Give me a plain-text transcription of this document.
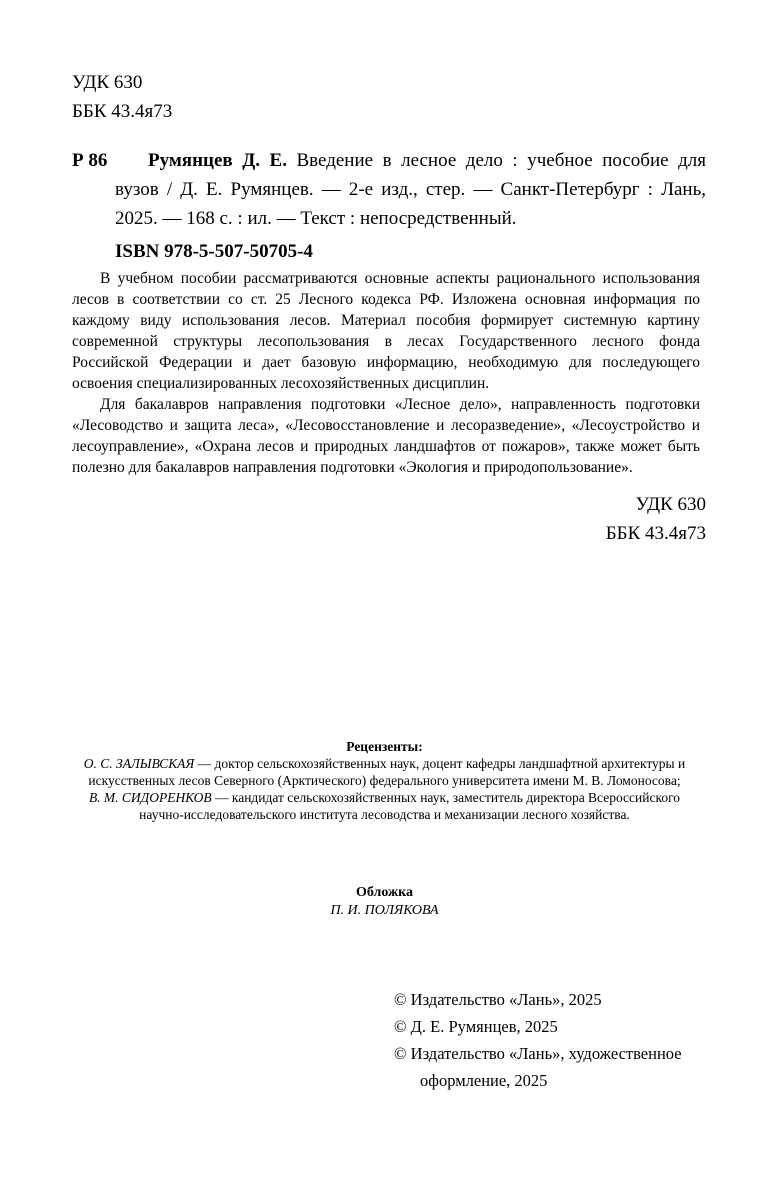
УДК 630
ББК 43.4я73
Р 86	Румянцев Д. Е. Введение в лесное дело : учебное пособие для вузов / Д. Е. Румянцев. — 2-е изд., стер. — Санкт-Петербург : Лань, 2025. — 168 с. : ил. — Текст : непосредственный.

ISBN 978-5-507-50705-4

В учебном пособии рассматриваются основные аспекты рационального использования лесов в соответствии со ст. 25 Лесного кодекса РФ. Изложена основная информация по каждому виду использования лесов. Материал пособия формирует системную картину современной структуры лесопользования в лесах Государственного лесного фонда Российской Федерации и дает базовую информацию, необходимую для последующего освоения специализированных лесохозяйственных дисциплин.

Для бакалавров направления подготовки «Лесное дело», направленность подготовки «Лесоводство и защита леса», «Лесовосстановление и лесоразведение», «Лесоустройство и лесоуправление», «Охрана лесов и природных ландшафтов от пожаров», также может быть полезно для бакалавров направления подготовки «Экология и природопользование».

УДК 630
ББК 43.4я73

Рецензенты:

О. С. ЗАЛЫВСКАЯ — доктор сельскохозяйственных наук, доцент кафедры ландшафтной архитектуры и искусственных лесов Северного (Арктического) федерального университета имени М. В. Ломоносова;

В. М. СИДОРЕНКОВ — кандидат сельскохозяйственных наук, заместитель директора Всероссийского научно-исследовательского института лесоводства и механизации лесного хозяйства.

Обложка

П. И. ПОЛЯКОВА

© Издательство «Лань», 2025
© Д. Е. Румянцев, 2025
© Издательство «Лань», художественное оформление, 2025
